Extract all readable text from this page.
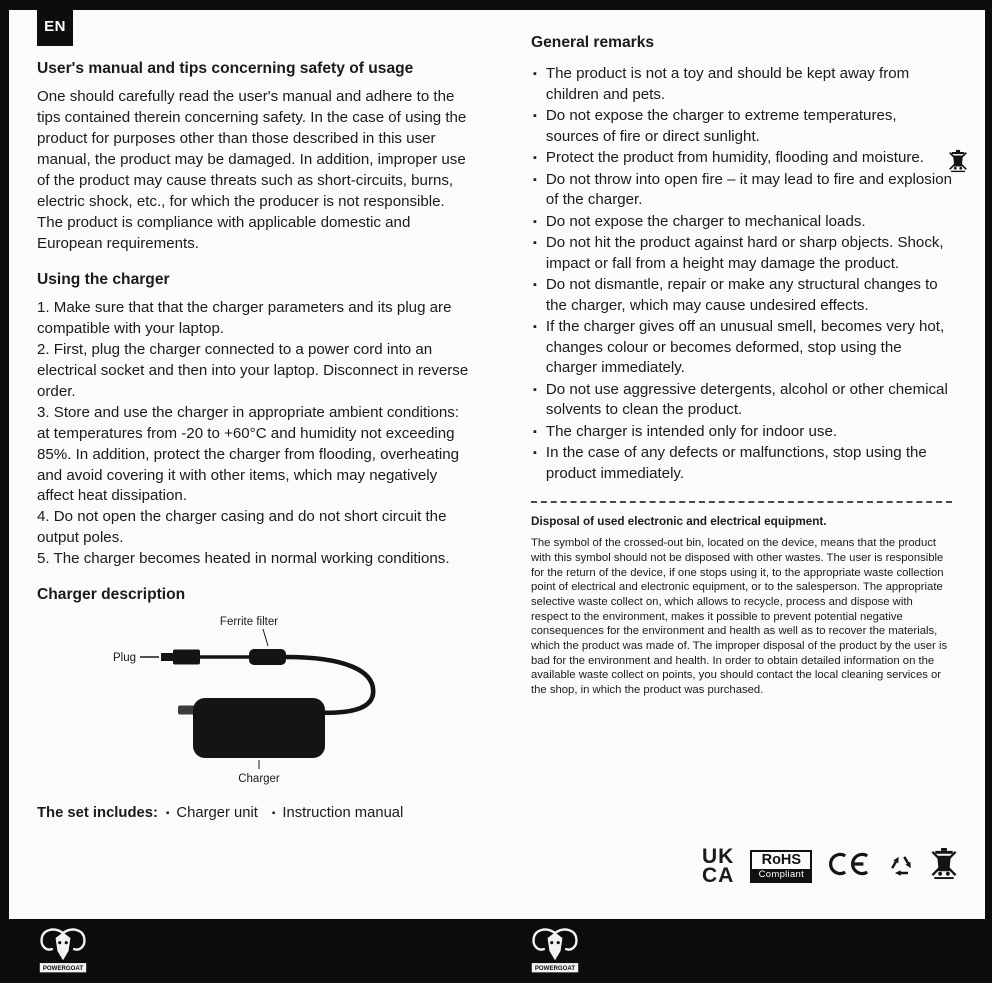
EN
User's manual and tips concerning safety of usage

One should carefully read the user's manual and adhere to the tips contained therein concerning safety. In the case of using the product for purposes other than those described in this user manual, the product may be damaged. In addition, improper use of the product may cause threats such as short-circuits, burns, electric shock, etc., for which the producer is not responsible. The product is compliance with applicable domestic and European requirements.

Using the charger

1. Make sure that that the charger parameters and its plug are compatible with your laptop.

2. First, plug the charger connected to a power cord into an electrical socket and then into your laptop. Disconnect in reverse order.

3. Store and use the charger in appropriate ambient conditions: at temperatures from -20 to +60°C and humidity not exceeding 85%. In addition, protect the charger from flooding, overheating and avoid covering it with other items, which may negatively affect heat dissipation.

4. Do not open the charger casing and do not short circuit the output poles.

5. The charger becomes heated in normal working conditions.

Charger description
Ferrite filter
Plug
Charger
The set includes: ▪ Charger unit ▪ Instruction manual
General remarks
▪ The product is not a toy and should be kept away from children and pets.
▪ Do not expose the charger to extreme temperatures, sources of fire or direct sunlight.
▪ Protect the product from humidity, flooding and moisture.
▪ Do not throw into open fire – it may lead to fire and explosion of the charger.
▪ Do not expose the charger to mechanical loads.
▪ Do not hit the product against hard or sharp objects. Shock, impact or fall from a height may damage the product.
▪ Do not dismantle, repair or make any structural changes to the charger, which may cause undesired effects.
▪ If the charger gives off an unusual smell, becomes very hot, changes colour or becomes deformed, stop using the charger immediately.
▪ Do not use aggressive detergents, alcohol or other chemical solvents to clean the product.
▪ The charger is intended only for indoor use.
▪ In the case of any defects or malfunctions, stop using the product immediately.

Disposal of used electronic and electrical equipment.

The symbol of the crossed-out bin, located on the device, means that the product with this symbol should not be disposed with other wastes. The user is responsible for the return of the device, if one stops using it, to the appropriate waste collection point of electrical and electronic equipment, or to the salesperson. The appropriate selective waste collect on, which allows to recycle, process and dispose with respect to the environment, makes it possible to prevent potential negative consequences for the environment and health as well as to recover the materials, which the product was made of. The improper disposal of the product by the user is bad for the environment and health. In order to obtain detailed information on the available waste collect on points, you should contact the local cleaning services or the shop, in which the product was purchased.

UK
CA
RoHS
Compliant
POWERGOAT	POWERGOAT
